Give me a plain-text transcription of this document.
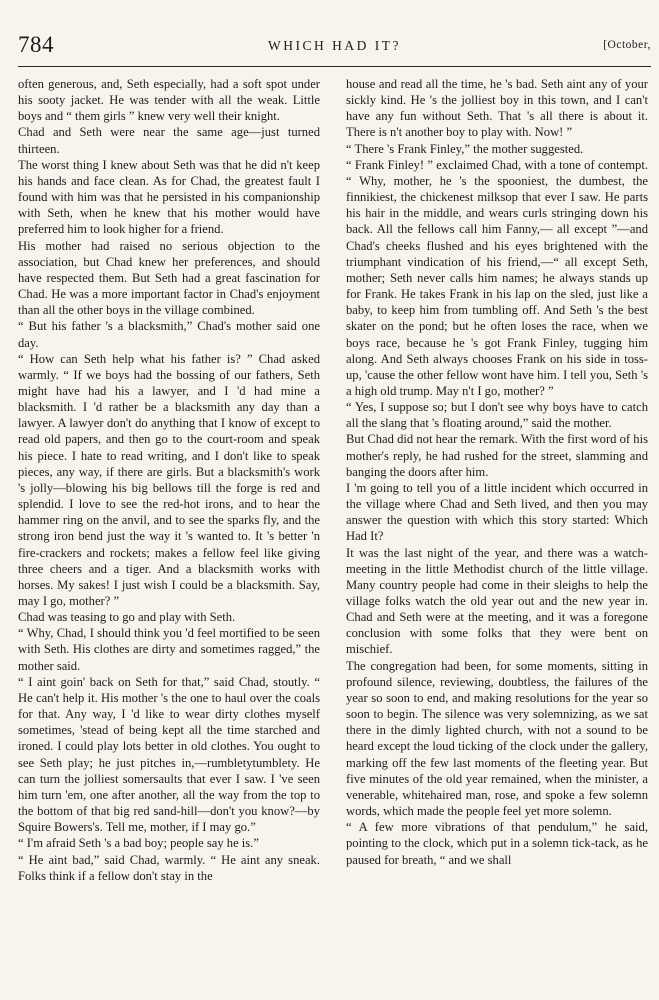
784	WHICH HAD IT?	[October,

often generous, and, Seth especially, had a soft spot under his sooty jacket. He was tender with all the weak. Little boys and “ them girls ” knew very well their knight.

Chad and Seth were near the same age—just turned thirteen.

The worst thing I knew about Seth was that he did n't keep his hands and face clean. As for Chad, the greatest fault I found with him was that he persisted in his companionship with Seth, when he knew that his mother would have preferred him to look higher for a friend.

His mother had raised no serious objection to the association, but Chad knew her preferences, and should have respected them. But Seth had a great fascination for Chad. He was a more important factor in Chad's enjoyment than all the other boys in the village combined.

“ But his father 's a blacksmith,” Chad's mother said one day.

“ How can Seth help what his father is? ” Chad asked warmly. “ If we boys had the bossing of our fathers, Seth might have had his a lawyer, and I 'd had mine a blacksmith. I 'd rather be a blacksmith any day than a lawyer. A lawyer don't do anything that I know of except to read old papers, and then go to the court-room and speak his piece. I hate to read writing, and I don't like to speak pieces, any way, if there are girls. But a blacksmith's work 's jolly—blowing his big bellows till the forge is red and splendid. I love to see the red-hot irons, and to hear the hammer ring on the anvil, and to see the sparks fly, and the strong iron bend just the way it 's wanted to. It 's better 'n fire-crackers and rockets; makes a fellow feel like giving three cheers and a tiger. And a blacksmith works with horses. My sakes! I just wish I could be a blacksmith. Say, may I go, mother? ”

Chad was teasing to go and play with Seth.

“ Why, Chad, I should think you 'd feel mortified to be seen with Seth. His clothes are dirty and sometimes ragged,” the mother said.

“ I aint goin' back on Seth for that,” said Chad, stoutly. “ He can't help it. His mother 's the one to haul over the coals for that. Any way, I 'd like to wear dirty clothes myself sometimes, 'stead of being kept all the time starched and ironed. I could play lots better in old clothes. You ought to see Seth play; he just pitches in,—rumbletytumblety. He can turn the jolliest somersaults that ever I saw. I 've seen him turn 'em, one after another, all the way from the top to the bottom of that big red sand-hill—don't you know?—by Squire Bowers's. Tell me, mother, if I may go.”

“ I'm afraid Seth 's a bad boy; people say he is.”

“ He aint bad,” said Chad, warmly. “ He aint any sneak. Folks think if a fellow don't stay in the

house and read all the time, he 's bad. Seth aint any of your sickly kind. He 's the jolliest boy in this town, and I can't have any fun without Seth. That 's all there is about it. There is n't another boy to play with. Now! ”

“ There 's Frank Finley,” the mother suggested.

“ Frank Finley! ” exclaimed Chad, with a tone of contempt. “ Why, mother, he 's the spooniest, the dumbest, the finnikiest, the chickenest milksop that ever I saw. He parts his hair in the middle, and wears curls stringing down his back. All the fellows call him Fanny,— all except ”—and Chad's cheeks flushed and his eyes brightened with the triumphant vindication of his friend,—“ all except Seth, mother; Seth never calls him names; he always stands up for Frank. He takes Frank in his lap on the sled, just like a baby, to keep him from tumbling off. And Seth 's the best skater on the pond; but he often loses the race, when we boys race, because he 's got Frank Finley, tugging him along. And Seth always chooses Frank on his side in toss-up, 'cause the other fellow wont have him. I tell you, Seth 's a high old trump. May n't I go, mother? ”

“ Yes, I suppose so; but I don't see why boys have to catch all the slang that 's floating around,” said the mother.

But Chad did not hear the remark. With the first word of his mother's reply, he had rushed for the street, slamming and banging the doors after him.

I 'm going to tell you of a little incident which occurred in the village where Chad and Seth lived, and then you may answer the question with which this story started: Which Had It?

It was the last night of the year, and there was a watch-meeting in the little Methodist church of the little village. Many country people had come in their sleighs to help the village folks watch the old year out and the new year in. Chad and Seth were at the meeting, and it was a foregone conclusion with some folks that they were bent on mischief.

The congregation had been, for some moments, sitting in profound silence, reviewing, doubtless, the failures of the year so soon to end, and making resolutions for the year so soon to begin. The silence was very solemnizing, as we sat there in the dimly lighted church, with not a sound to be heard except the loud ticking of the clock under the gallery, marking off the few last moments of the fleeting year. But five minutes of the old year remained, when the minister, a venerable, whitehaired man, rose, and spoke a few solemn words, which made the people feel yet more solemn.

“ A few more vibrations of that pendulum,” he said, pointing to the clock, which put in a solemn tick-tack, as he paused for breath, “ and we shall
